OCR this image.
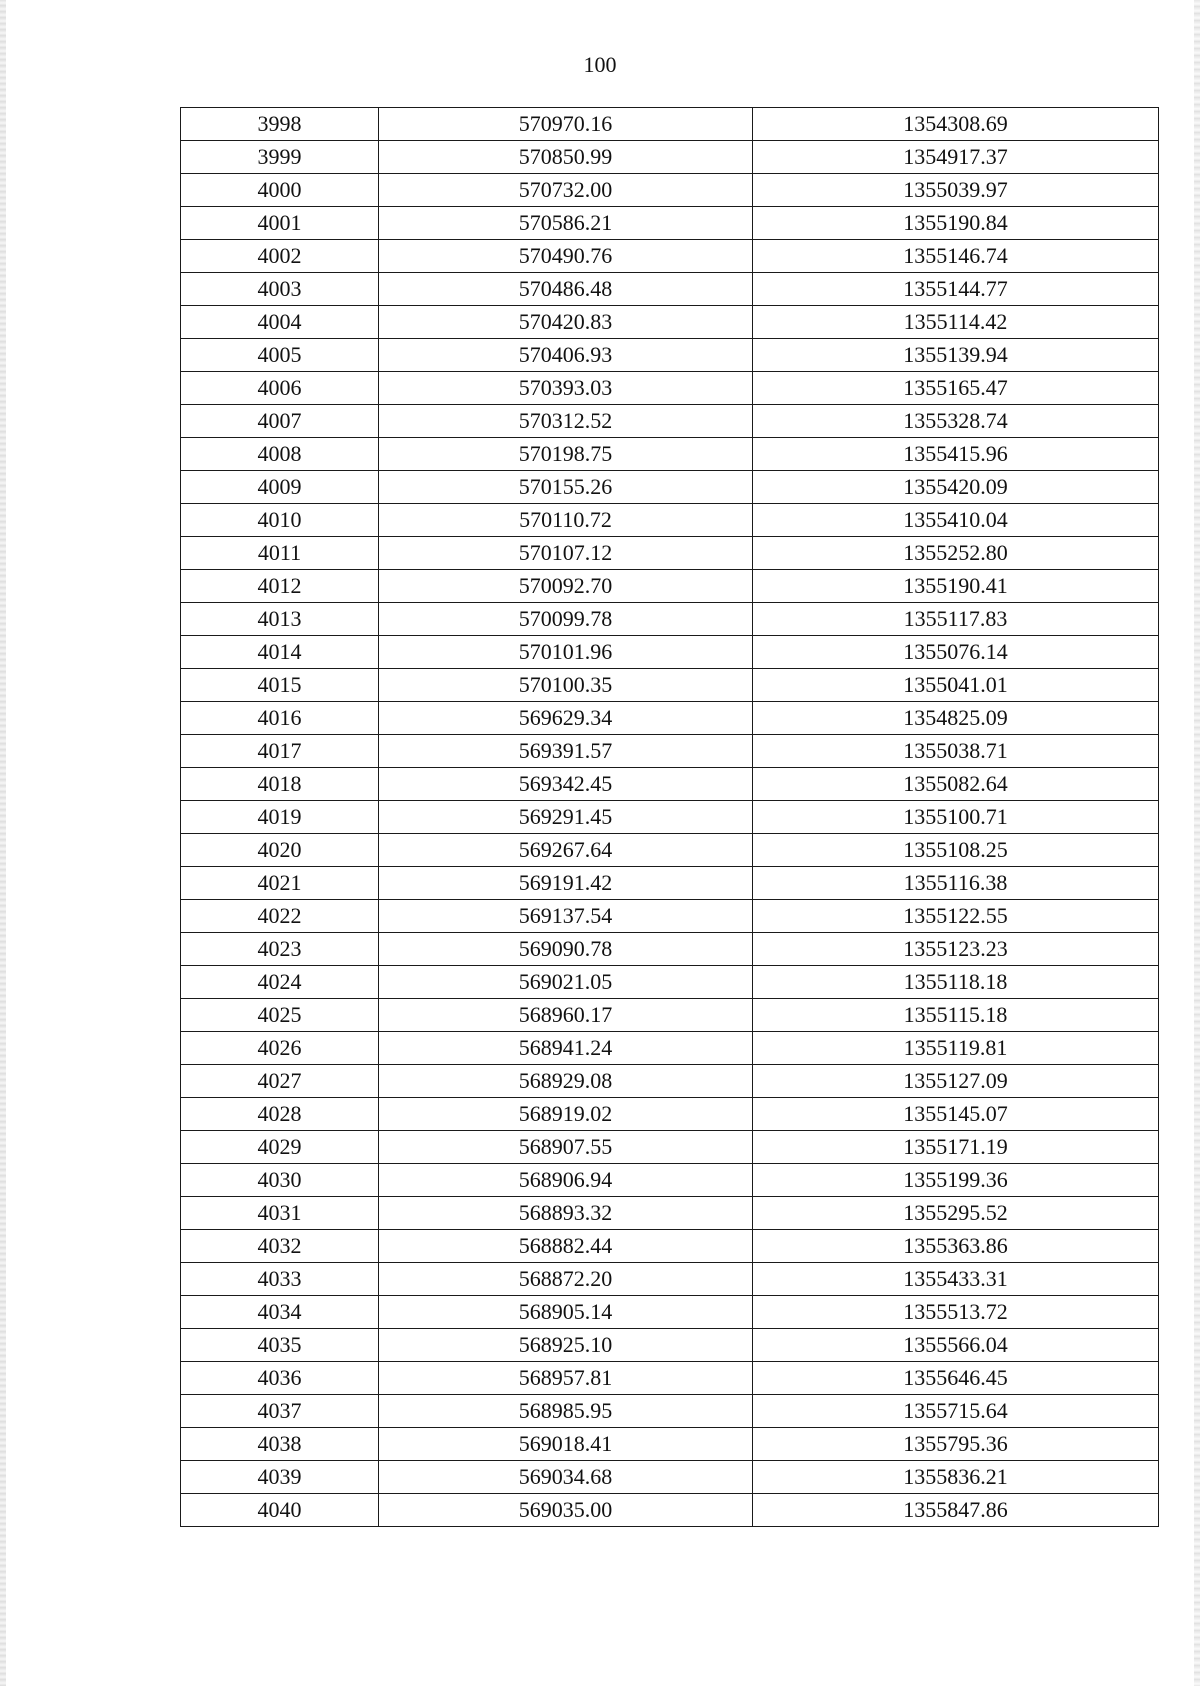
100
3998	570970.16	1354308.69
3999	570850.99	1354917.37
4000	570732.00	1355039.97
4001	570586.21	1355190.84
4002	570490.76	1355146.74
4003	570486.48	1355144.77
4004	570420.83	1355114.42
4005	570406.93	1355139.94
4006	570393.03	1355165.47
4007	570312.52	1355328.74
4008	570198.75	1355415.96
4009	570155.26	1355420.09
4010	570110.72	1355410.04
4011	570107.12	1355252.80
4012	570092.70	1355190.41
4013	570099.78	1355117.83
4014	570101.96	1355076.14
4015	570100.35	1355041.01
4016	569629.34	1354825.09
4017	569391.57	1355038.71
4018	569342.45	1355082.64
4019	569291.45	1355100.71
4020	569267.64	1355108.25
4021	569191.42	1355116.38
4022	569137.54	1355122.55
4023	569090.78	1355123.23
4024	569021.05	1355118.18
4025	568960.17	1355115.18
4026	568941.24	1355119.81
4027	568929.08	1355127.09
4028	568919.02	1355145.07
4029	568907.55	1355171.19
4030	568906.94	1355199.36
4031	568893.32	1355295.52
4032	568882.44	1355363.86
4033	568872.20	1355433.31
4034	568905.14	1355513.72
4035	568925.10	1355566.04
4036	568957.81	1355646.45
4037	568985.95	1355715.64
4038	569018.41	1355795.36
4039	569034.68	1355836.21
4040	569035.00	1355847.86
